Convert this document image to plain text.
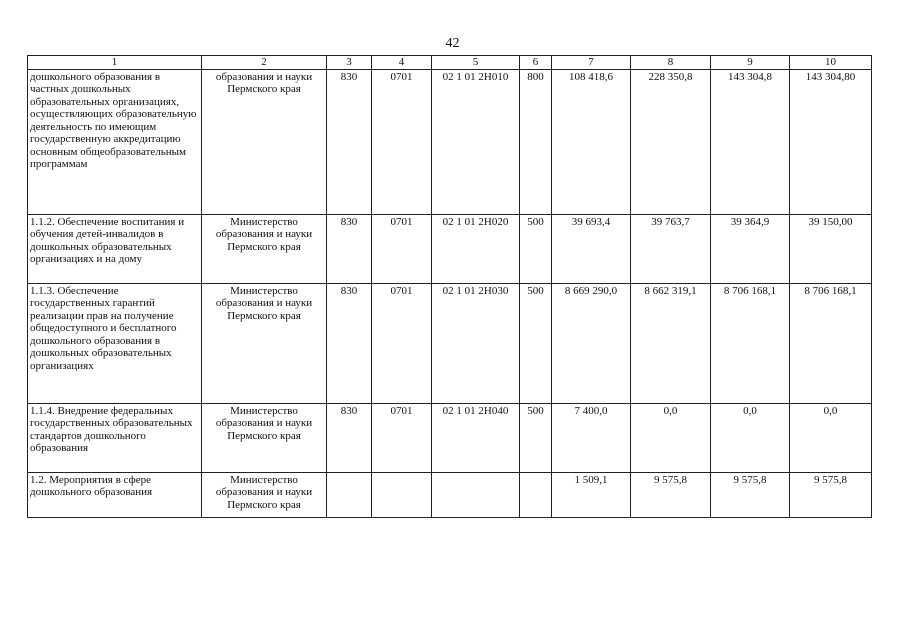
42
1	2	3	4	5	6	7	8	9	10
дошкольного образования в частных дошкольных образовательных организациях, осуществляющих образовательную деятельность по имеющим государственную аккредитацию основным общеобразовательным программам	образования и науки Пермского края	830	0701	02 1 01 2Н010	800	108 418,6	228 350,8	143 304,8	143 304,80
1.1.2. Обеспечение воспитания и обучения детей-инвалидов в дошкольных образовательных организациях и на дому	Министерство образования и науки Пермского края	830	0701	02 1 01 2Н020	500	39 693,4	39 763,7	39 364,9	39 150,00
1.1.3. Обеспечение государственных гарантий реализации прав на получение общедоступного и бесплатного дошкольного образования в дошкольных образовательных организациях	Министерство образования и науки Пермского края	830	0701	02 1 01 2Н030	500	8 669 290,0	8 662 319,1	8 706 168,1	8 706 168,1
1.1.4. Внедрение федеральных государственных образовательных стандартов дошкольного образования	Министерство образования и науки Пермского края	830	0701	02 1 01 2Н040	500	7 400,0	0,0	0,0	0,0
1.2. Мероприятия в сфере дошкольного образования	Министерство образования и науки Пермского края					1 509,1	9 575,8	9 575,8	9 575,8
